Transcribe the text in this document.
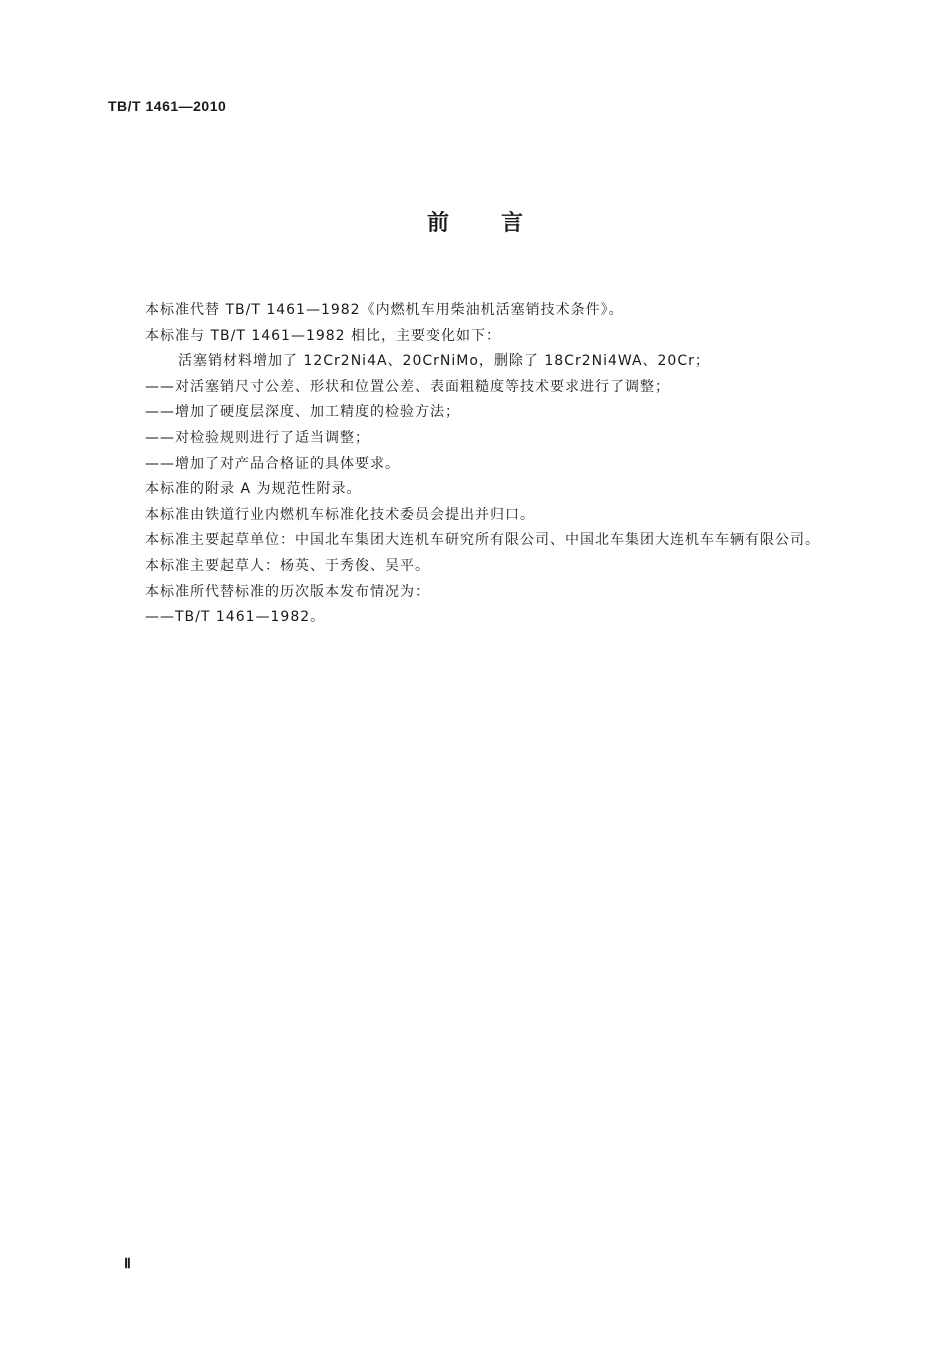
TB/T 1461—2010
前言

本标准代替 TB/T 1461—1982《内燃机车用柴油机活塞销技术条件》。

本标准与 TB/T 1461—1982 相比，主要变化如下：

活塞销材料增加了 12Cr2Ni4A、20CrNiMo，删除了 18Cr2Ni4WA、20Cr；

——对活塞销尺寸公差、形状和位置公差、表面粗糙度等技术要求进行了调整；

——增加了硬度层深度、加工精度的检验方法；

——对检验规则进行了适当调整；

——增加了对产品合格证的具体要求。

本标准的附录 A 为规范性附录。

本标准由铁道行业内燃机车标准化技术委员会提出并归口。

本标准主要起草单位：中国北车集团大连机车研究所有限公司、中国北车集团大连机车车辆有限公司。

本标准主要起草人：杨英、于秀俊、吴平。

本标准所代替标准的历次版本发布情况为：

——TB/T 1461—1982。

Ⅱ
